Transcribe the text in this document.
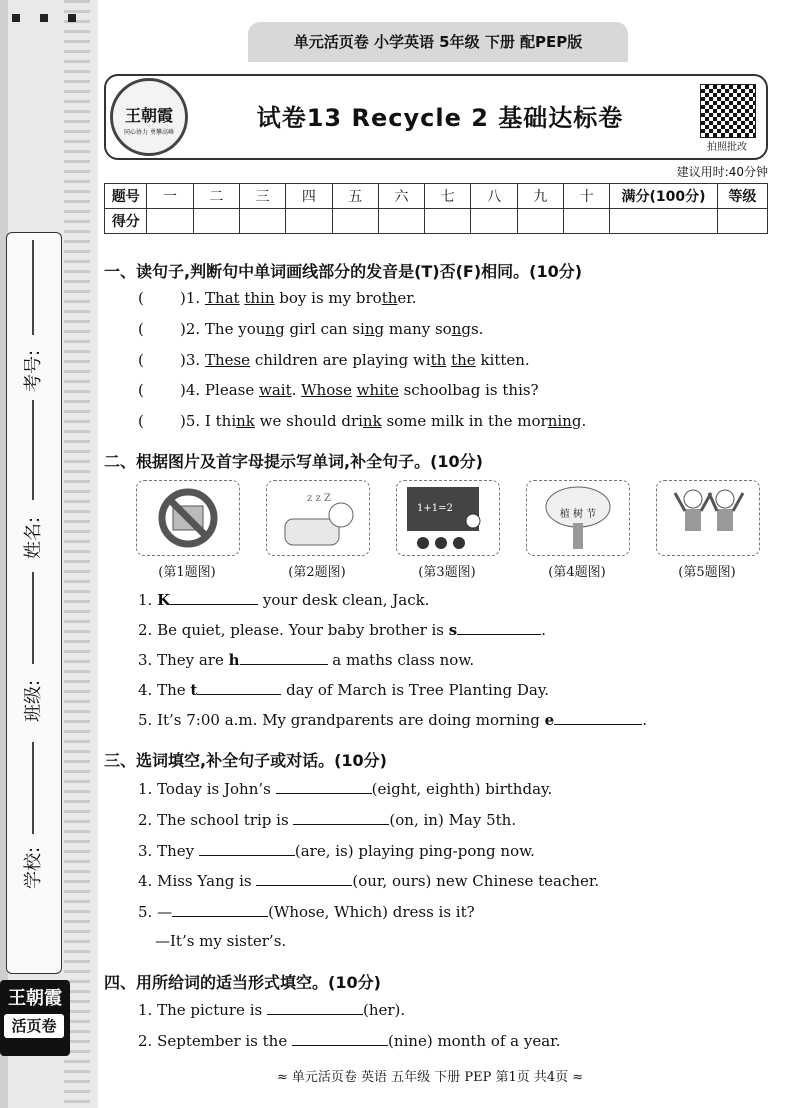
考号:
姓名:
班级:
学校:
王朝霞
活页卷
单元活页卷 小学英语 5年级 下册 配PEP版
王朝霞
同心协力 勇攀高峰
试卷13 Recycle 2 基础达标卷
拍照批改
建议用时:40分钟
题号	一	二	三	四	五	六	七	八	九	十	满分(100分)	等级
得分												
一、读句子,判断句中单词画线部分的发音是(T)否(F)相同。(10分)
( )1. That thin boy is my brother.
( )2. The young girl can sing many songs.
( )3. These children are playing with the kitten.
( )4. Please wait. Whose white schoolbag is this?
( )5. I think we should drink some milk in the morning.
二、根据图片及首字母提示写单词,补全句子。(10分)
z z Z
1+1=2
植 树 节
(第1题图)	(第2题图)	(第3题图)	(第4题图)	(第5题图)
1. K	your desk clean, Jack.
2. Be quiet, please. Your baby brother is s	.
3. They are h	a maths class now.
4. The t	day of March is Tree Planting Day.
5. It’s 7:00 a.m. My grandparents are doing morning e	.
三、选词填空,补全句子或对话。(10分)
1. Today is John’s	(eight, eighth) birthday.
2. The school trip is	(on, in) May 5th.
3. They	(are, is) playing ping-pong now.
4. Miss Yang is	(our, ours) new Chinese teacher.
5. —	(Whose, Which) dress is it?
—It’s my sister’s.
四、用所给词的适当形式填空。(10分)
1. The picture is	(her).
2. September is the	(nine) month of a year.
≈ 单元活页卷 英语 五年级 下册 PEP 第1页 共4页 ≈
